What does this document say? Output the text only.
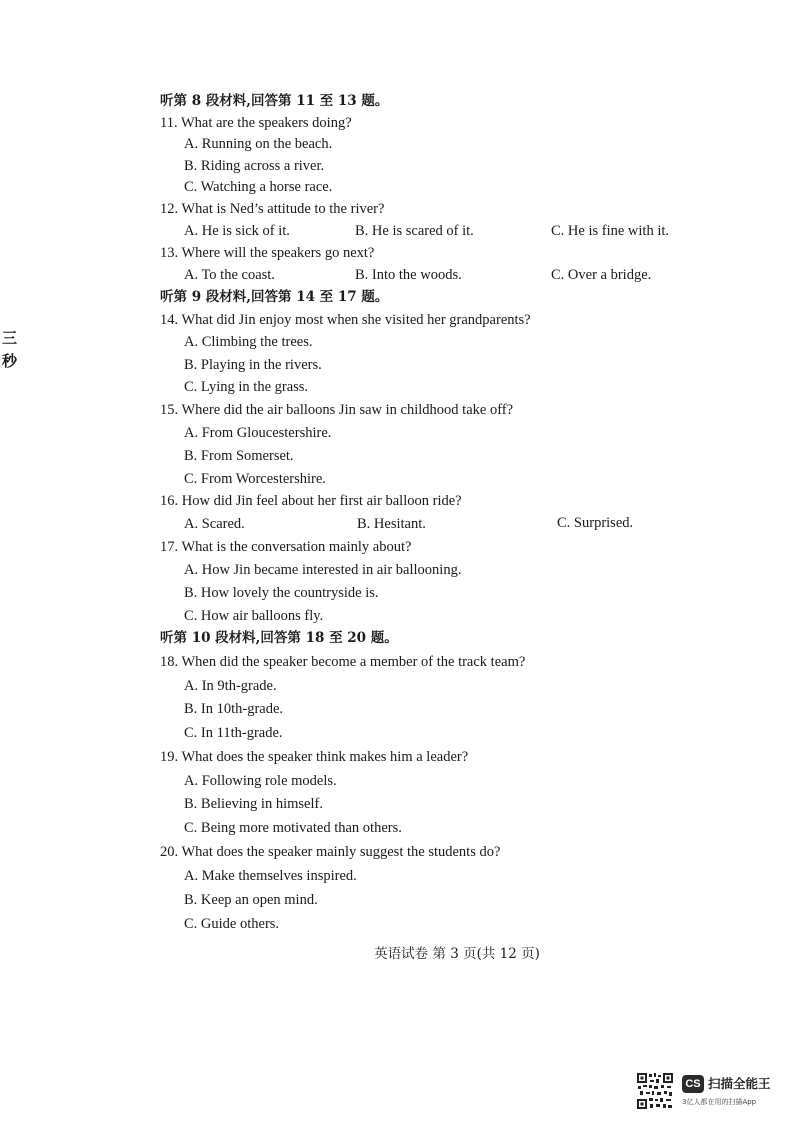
三
秒
听第 8 段材料,回答第 11 至 13 题。
11. What are the speakers doing?
A. Running on the beach.
B. Riding across a river.
C. Watching a horse race.
12. What is Ned’s attitude to the river?
A. He is sick of it.	B. He is scared of it.	C. He is fine with it.
13. Where will the speakers go next?
A. To the coast.	B. Into the woods.	C. Over a bridge.
听第 9 段材料,回答第 14 至 17 题。
14. What did Jin enjoy most when she visited her grandparents?
A. Climbing the trees.
B. Playing in the rivers.
C. Lying in the grass.
15. Where did the air balloons Jin saw in childhood take off?
A. From Gloucestershire.
B. From Somerset.
C. From Worcestershire.
16. How did Jin feel about her first air balloon ride?
A. Scared.	B. Hesitant.	C. Surprised.
17. What is the conversation mainly about?
A. How Jin became interested in air ballooning.
B. How lovely the countryside is.
C. How air balloons fly.
听第 10 段材料,回答第 18 至 20 题。
18. When did the speaker become a member of the track team?
A. In 9th-grade.
B. In 10th-grade.
C. In 11th-grade.
19. What does the speaker think makes him a leader?
A. Following role models.
B. Believing in himself.
C. Being more motivated than others.
20. What does the speaker mainly suggest the students do?
A. Make themselves inspired.
B. Keep an open mind.
C. Guide others.
英语试卷 第 3 页(共 12 页)
CS 扫描全能王
3亿人都在用的扫描App
